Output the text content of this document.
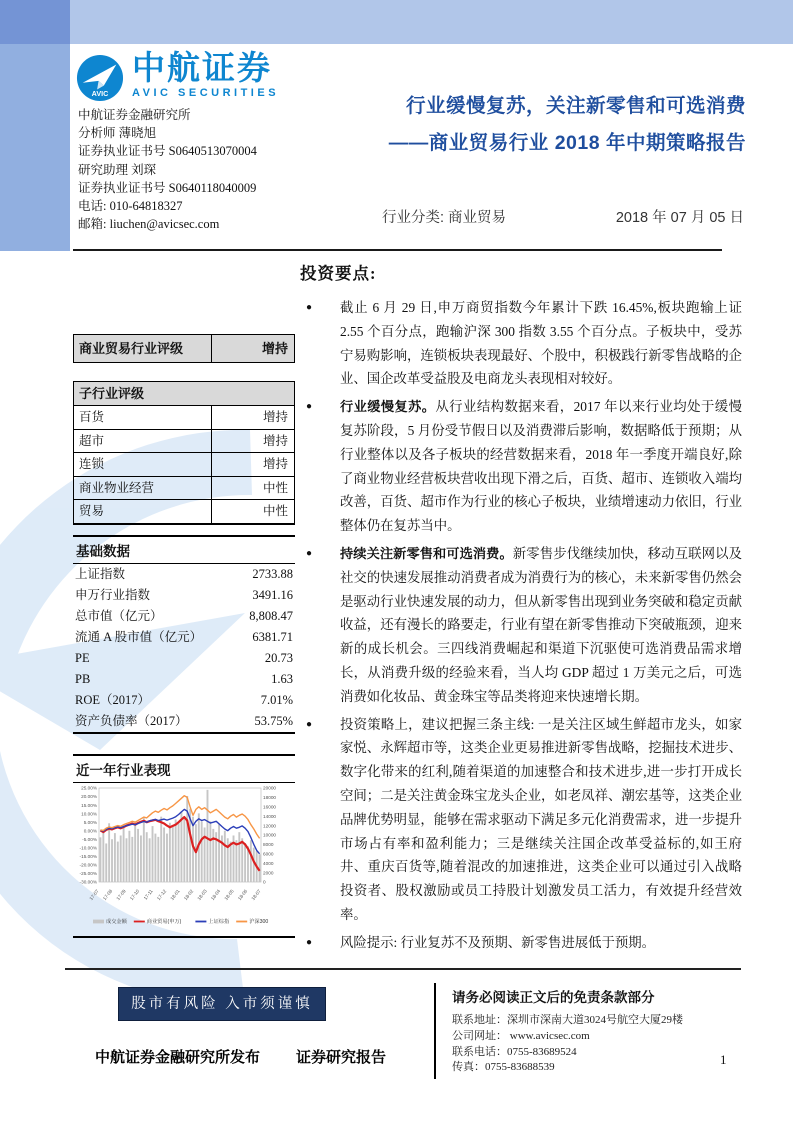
AVIC
中航证券
AVIC SECURITIES
中航证券金融研究所
分析师 薄晓旭
证券执业证书号 S0640513070004
研究助理 刘琛
证券执业证书号 S0640118040009
电话: 010-64818327
邮箱: liuchen@avicsec.com
行业缓慢复苏，关注新零售和可选消费
——商业贸易行业 2018 年中期策略报告
行业分类: 商业贸易	2018 年 07 月 05 日
商业贸易行业评级	增持
子行业评级
百货	增持
超市	增持
连锁	增持
商业物业经营	中性
贸易	中性
基础数据
上证指数	2733.88
申万行业指数	3491.16
总市值（亿元）	8,808.47
流通 A 股市值（亿元）	6381.71
PE	20.73
PB	1.63
ROE（2017）	7.01%
资产负债率（2017）	53.75%
近一年行业表现
25.00%
20.00%
15.00%
10.00%
5.00%
0.00%
-5.00%
-10.00%
-15.00%
-20.00%
-25.00%
-30.00%
20000
18000
16000
14000
12000
10000
8000
6000
4000
2000
0
17-07 17-08 17-09 17-10 17-11 17-12 18-01 18-02 18-03 18-04 18-05 18-06 18-07
成交金额	商业贸易(申万)	上证综指	沪深300
投资要点:
●	截止 6 月 29 日,申万商贸指数今年累计下跌 16.45%,板块跑输上证 2.55 个百分点，跑输沪深 300 指数 3.55 个百分点。子板块中，受苏宁易购影响，连锁板块表现最好、个股中，积极践行新零售战略的企业、国企改革受益股及电商龙头表现相对较好。
●	行业缓慢复苏。从行业结构数据来看，2017 年以来行业均处于缓慢复苏阶段，5 月份受节假日以及消费滞后影响，数据略低于预期；从行业整体以及各子板块的经营数据来看，2018 年一季度开端良好,除了商业物业经营板块营收出现下滑之后，百货、超市、连锁收入端均改善，百货、超市作为行业的核心子板块，业绩增速动力依旧，行业整体仍在复苏当中。
●	持续关注新零售和可选消费。新零售步伐继续加快，移动互联网以及社交的快速发展推动消费者成为消费行为的核心，未来新零售仍然会是驱动行业快速发展的动力，但从新零售出现到业务突破和稳定贡献收益，还有漫长的路要走，行业有望在新零售推动下突破瓶颈，迎来新的成长机会。三四线消费崛起和渠道下沉驱使可选消费品需求增长，从消费升级的经验来看，当人均 GDP 超过 1 万美元之后，可选消费如化妆品、黄金珠宝等品类将迎来快速增长期。
●	投资策略上，建议把握三条主线: 一是关注区域生鲜超市龙头，如家家悦、永辉超市等，这类企业更易推进新零售战略，挖掘技术进步、数字化带来的红利,随着渠道的加速整合和技术进步,进一步打开成长空间；二是关注黄金珠宝龙头企业，如老凤祥、潮宏基等，这类企业品牌优势明显，能够在需求驱动下满足多元化消费需求，进一步提升市场占有率和盈利能力；三是继续关注国企改革受益标的,如王府井、重庆百货等,随着混改的加速推进，这类企业可以通过引入战略投资者、股权激励或员工持股计划激发员工活力，有效提升经营效率。
●	风险提示: 行业复苏不及预期、新零售进展低于预期。
股市有风险 入市须谨慎
中航证券金融研究所发布 证券研究报告
请务必阅读正文后的免责条款部分
联系地址：深圳市深南大道3024号航空大厦29楼
公司网址： www.avicsec.com
联系电话：0755-83689524
传真：0755-83688539
1
